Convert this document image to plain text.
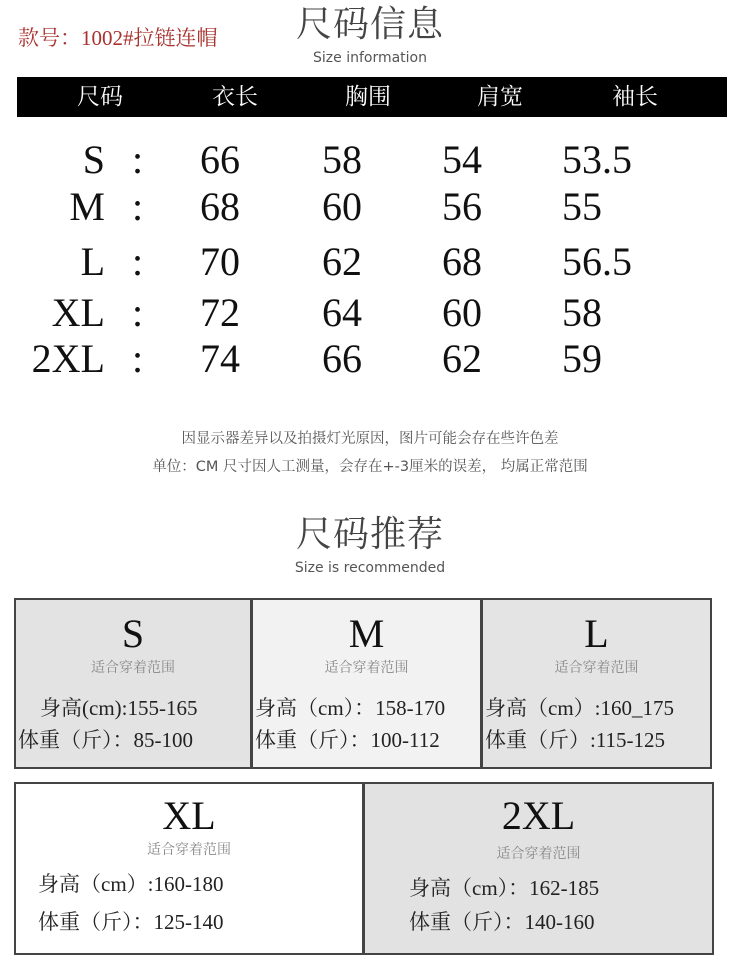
款号：1002#拉链连帽 尺码信息
Size information
尺码	衣长	胸围	肩宽	袖长
S : 66 58 54 53.5
M : 68 60 56 55
L : 70 62 68 56.5
XL : 72 64 60 58
2XL : 74 66 62 59
因显示器差异以及拍摄灯光原因，图片可能会存在些许色差
单位：CM 尺寸因人工测量，会存在+-3厘米的误差， 均属正常范围
尺码推荐
Size is recommended
S
适合穿着范围
身高(cm):155-165
体重（斤）：85-100
M
适合穿着范围
身高（cm）：158-170
体重（斤）：100-112
L
适合穿着范围
身高（cm）:160_175
体重（斤）:115-125
XL
适合穿着范围
身高（cm）:160-180
体重（斤）：125-140
2XL
适合穿着范围
身高（cm）：162-185
体重（斤）：140-160
